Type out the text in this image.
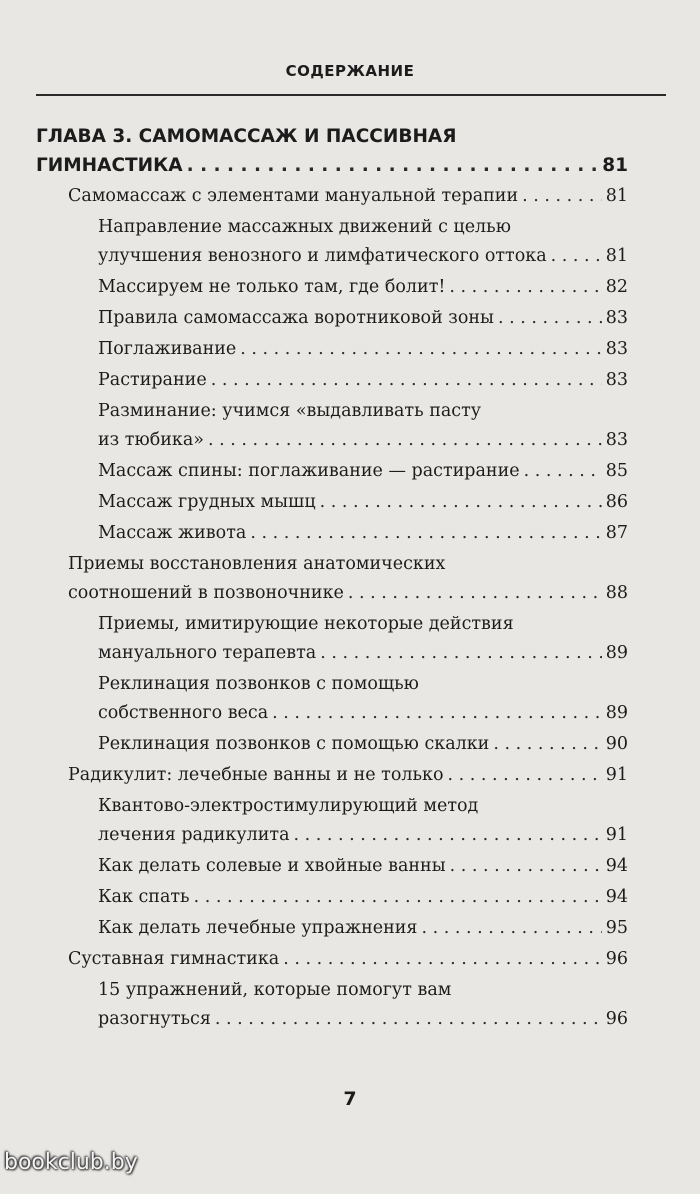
СОДЕРЖАНИЕ
ГЛАВА 3. САМОМАССАЖ И ПАССИВНАЯ
ГИМНАСТИКА . . .	81
Самомассаж с элементами мануальной терапии . . .	81
Направление массажных движений с целью
улучшения венозного и лимфатического оттока . . .	81
Массируем не только там, где болит! . . .	82
Правила самомассажа воротниковой зоны . . .	83
Поглаживание . . .	83
Растирание . . .	83
Разминание: учимся «выдавливать пасту
из тюбика» . . .	83
Массаж спины: поглаживание — растирание . . .	85
Массаж грудных мышц . . .	86
Массаж живота . . .	87
Приемы восстановления анатомических
соотношений в позвоночнике . . .	88
Приемы, имитирующие некоторые действия
мануального терапевта . . .	89
Реклинация позвонков с помощью
собственного веса . . .	89
Реклинация позвонков с помощью скалки . . .	90
Радикулит: лечебные ванны и не только . . .	91
Квантово-электростимулирующий метод
лечения радикулита . . .	91
Как делать солевые и хвойные ванны . . .	94
Как спать . . .	94
Как делать лечебные упражнения . . .	95
Суставная гимнастика . . .	96
15 упражнений, которые помогут вам
разогнуться . . .	96
7
bookclub.by
